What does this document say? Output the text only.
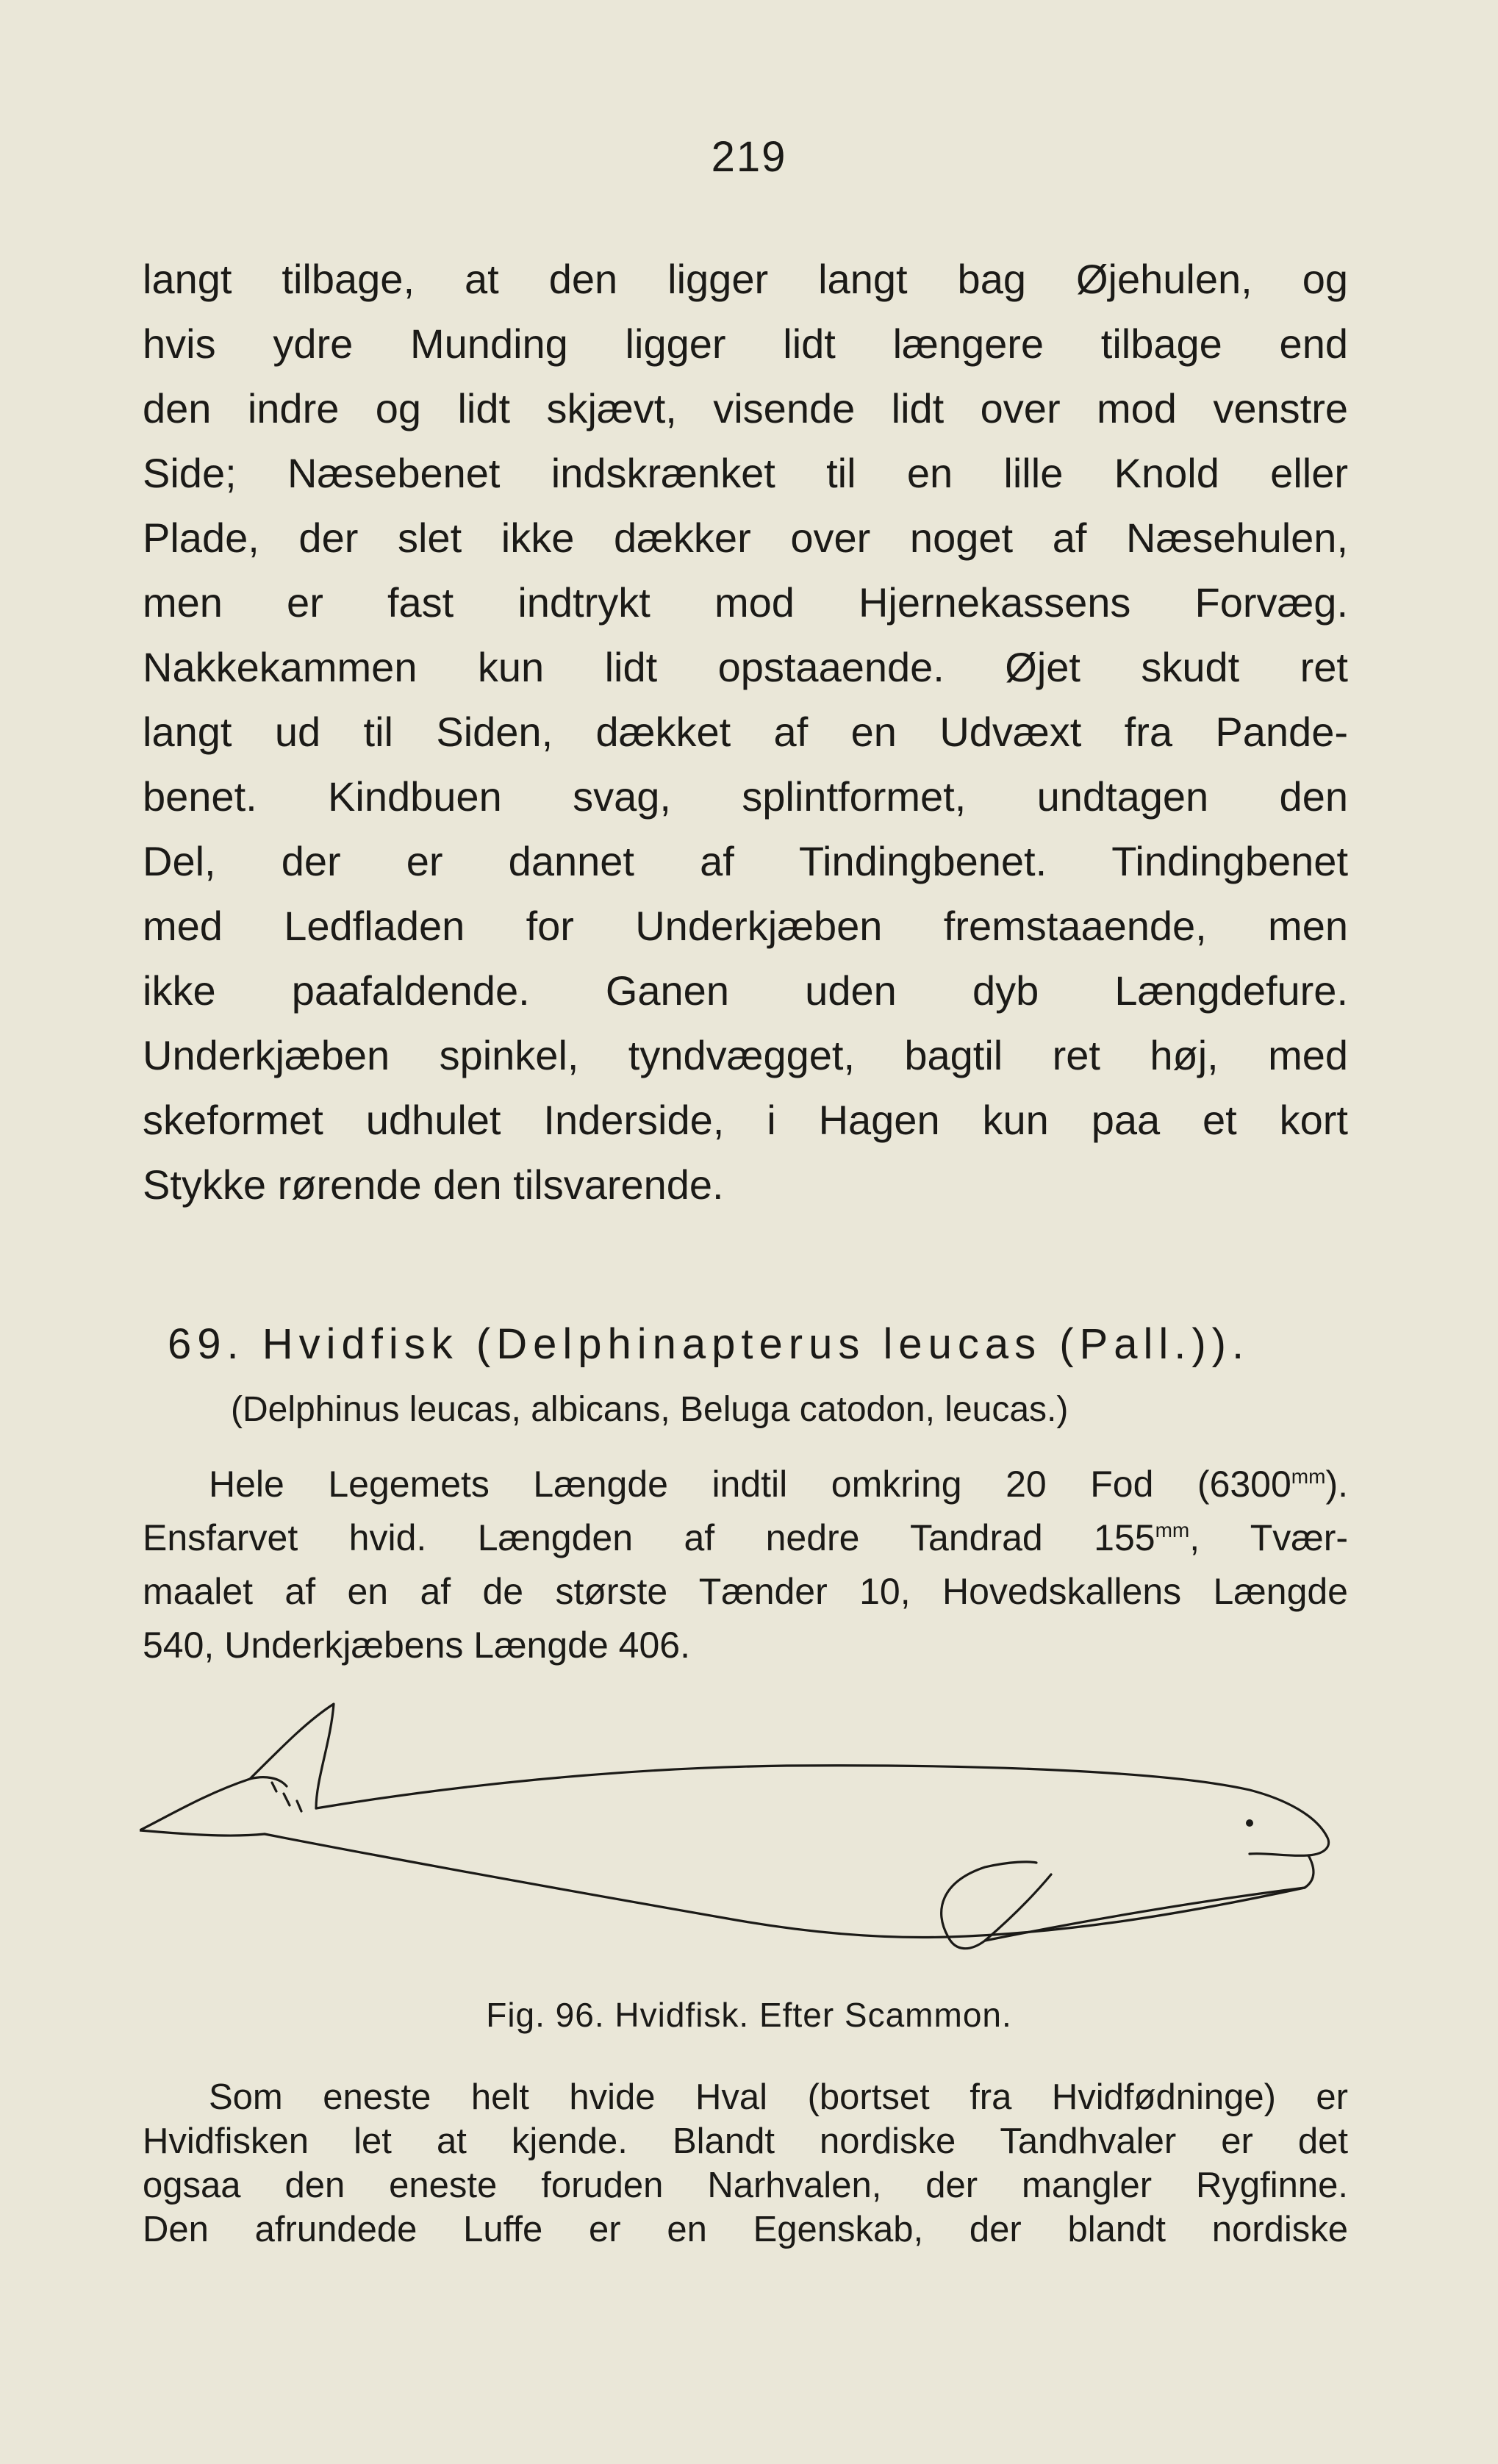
219
langt tilbage, at den ligger langt bag Øjehulen, og
hvis ydre Munding ligger lidt længere tilbage end
den indre og lidt skjævt, visende lidt over mod venstre
Side; Næsebenet indskrænket til en lille Knold eller
Plade, der slet ikke dækker over noget af Næsehulen,
men er fast indtrykt mod Hjernekassens Forvæg.
Nakkekammen kun lidt opstaaende. Øjet skudt ret
langt ud til Siden, dækket af en Udvæxt fra Pande-
benet. Kindbuen svag, splintformet, undtagen den
Del, der er dannet af Tindingbenet. Tindingbenet
med Ledfladen for Underkjæben fremstaaende, men
ikke paafaldende. Ganen uden dyb Længdefure.
Underkjæben spinkel, tyndvægget, bagtil ret høj, med
skeformet udhulet Inderside, i Hagen kun paa et kort
Stykke rørende den tilsvarende.
69. Hvidfisk (Delphinapterus leucas (Pall.)).
(Delphinus leucas, albicans, Beluga catodon, leucas.)
Hele Legemets Længde indtil omkring 20 Fod $(6300^{mm})$.
Ensfarvet hvid. Længden af nedre Tandrad $155^{mm}$, Tvær-
maalet af en af de største Tænder 10, Hovedskallens Længde
540, Underkjæbens Længde 406.
Fig. 96. Hvidfisk. Efter Scammon.
Som eneste helt hvide Hval (bortset fra Hvidfødninge) er
Hvidfisken let at kjende. Blandt nordiske Tandhvaler er det
ogsaa den eneste foruden Narhvalen, der mangler Rygfinne.
Den afrundede Luffe er en Egenskab, der blandt nordiske
